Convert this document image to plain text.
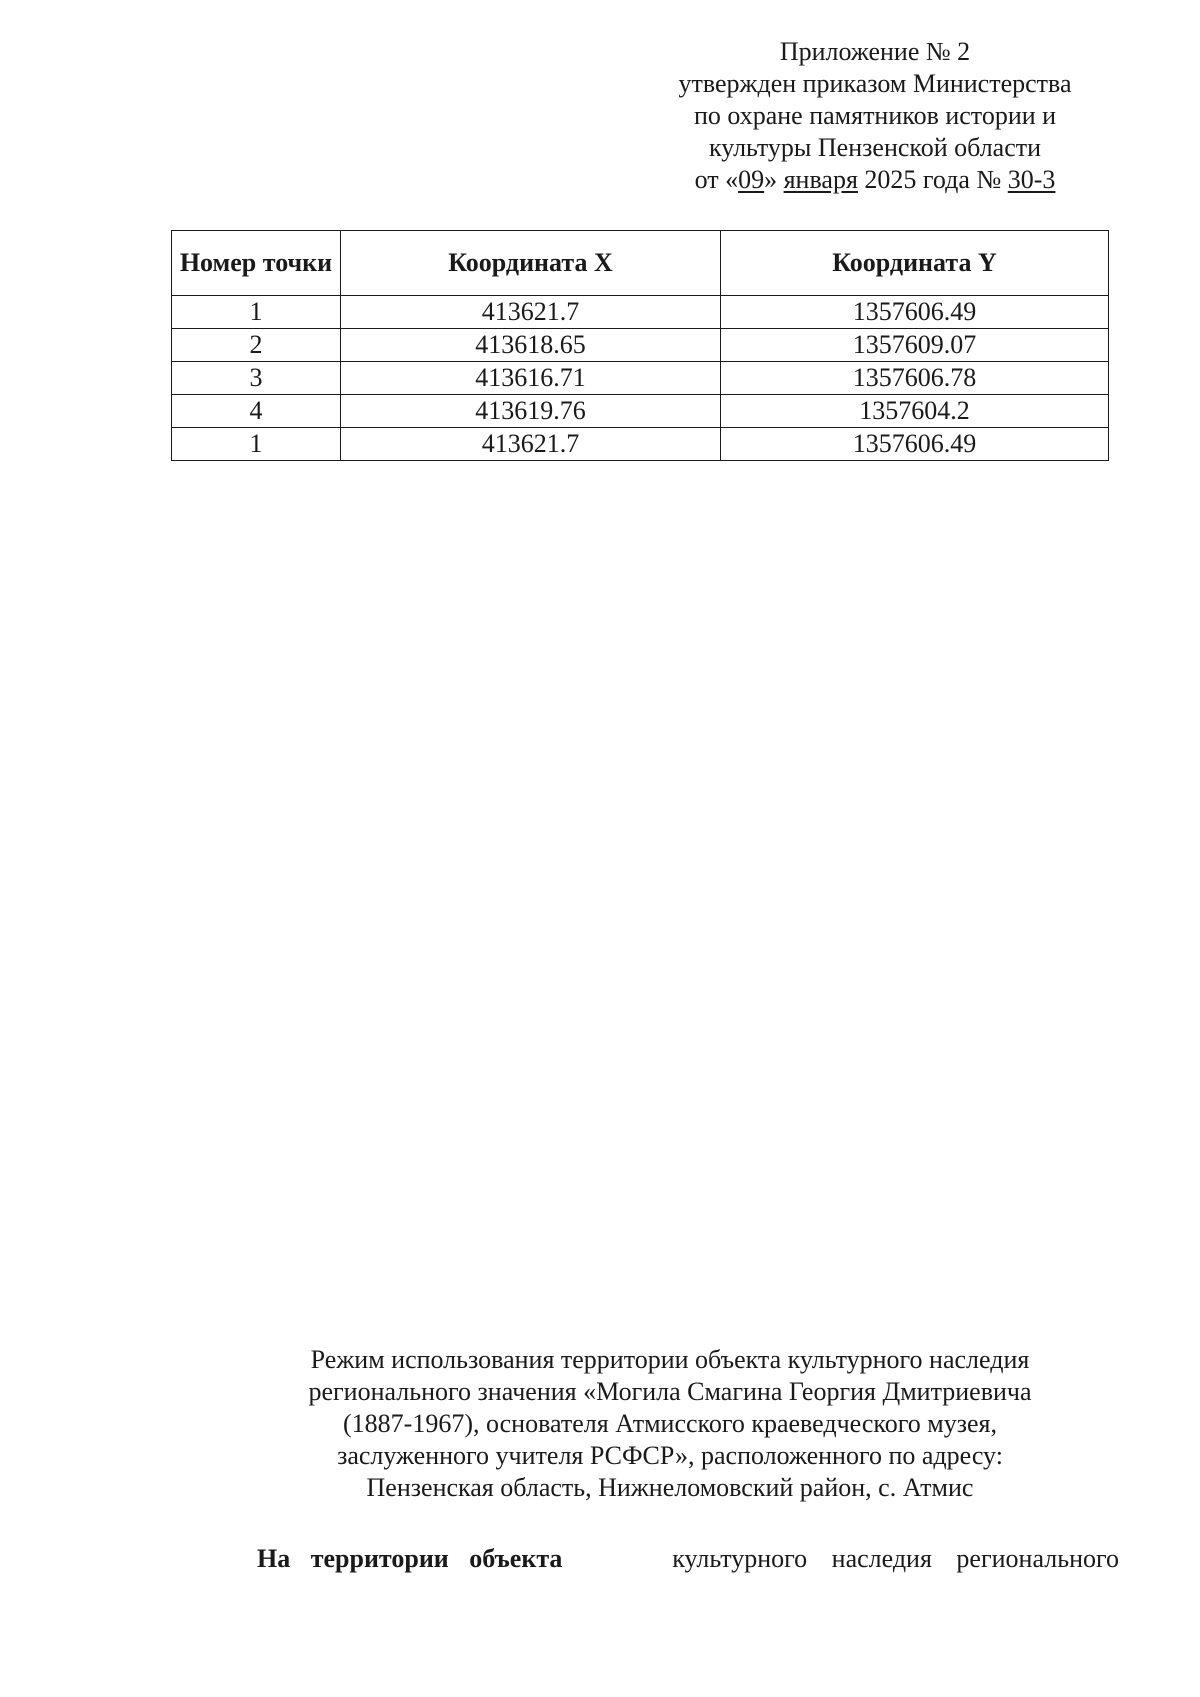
Приложение № 2
утвержден приказом Министерства
по охране памятников истории и
культуры Пензенской области
от «09» января 2025 года № 30-3
Номер точки	Координата X	Координата Y
1	413621.7	1357606.49
2	413618.65	1357609.07
3	413616.71	1357606.78
4	413619.76	1357604.2
1	413621.7	1357606.49
Режим использования территории объекта культурного наследия
регионального значения «Могила Смагина Георгия Дмитриевича
(1887-1967), основателя Атмисского краеведческого музея,
заслуженного учителя РСФСР», расположенного по адресу:
Пензенская область, Нижнеломовский район, с. Атмис
На территории объекта	культурного наследия регионального
